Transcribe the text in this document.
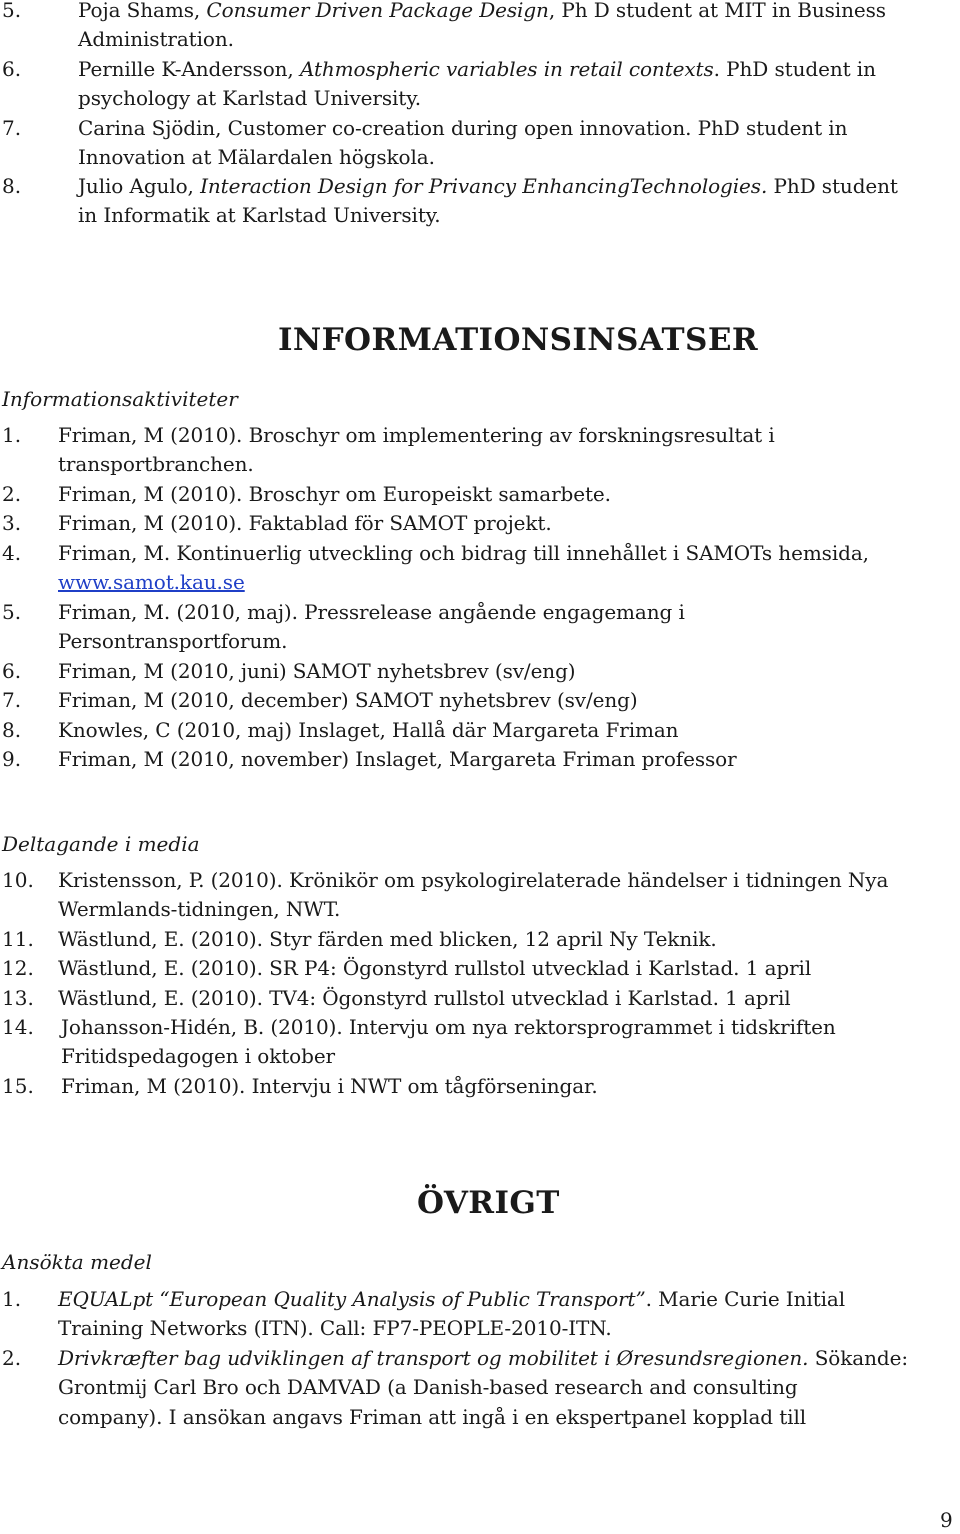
5.	Poja Shams, Consumer Driven Package Design, Ph D student at MIT in Business
Administration.
6.	Pernille K-Andersson, Athmospheric variables in retail contexts. PhD student in
psychology at Karlstad University.
7.	Carina Sjödin, Customer co-creation during open innovation. PhD student in
Innovation at Mälardalen högskola.
8.	Julio Agulo, Interaction Design for Privancy EnhancingTechnologies. PhD student
in Informatik at Karlstad University.
INFORMATIONSINSATSER
Informationsaktiviteter
1. Friman, M (2010). Broschyr om implementering av forskningsresultat i
transportbranchen.
2. Friman, M (2010). Broschyr om Europeiskt samarbete.
3. Friman, M (2010). Faktablad för SAMOT projekt.
4. Friman, M. Kontinuerlig utveckling och bidrag till innehållet i SAMOTs hemsida,
www.samot.kau.se
5. Friman, M. (2010, maj). Pressrelease angående engagemang i
Persontransportforum.
6. Friman, M (2010, juni) SAMOT nyhetsbrev (sv/eng)
7. Friman, M (2010, december) SAMOT nyhetsbrev (sv/eng)
8. Knowles, C (2010, maj) Inslaget, Hallå där Margareta Friman
9. Friman, M (2010, november) Inslaget, Margareta Friman professor
Deltagande i media
10. Kristensson, P. (2010). Krönikör om psykologirelaterade händelser i tidningen Nya
Wermlands-tidningen, NWT.
11. Wästlund, E. (2010). Styr färden med blicken, 12 april Ny Teknik.
12. Wästlund, E. (2010). SR P4: Ögonstyrd rullstol utvecklad i Karlstad. 1 april
13. Wästlund, E. (2010). TV4: Ögonstyrd rullstol utvecklad i Karlstad. 1 april
14. Johansson-Hidén, B. (2010). Intervju om nya rektorsprogrammet i tidskriften
Fritidspedagogen i oktober
15. Friman, M (2010). Intervju i NWT om tågförseningar.
ÖVRIGT
Ansökta medel
1. EQUALpt “European Quality Analysis of Public Transport”. Marie Curie Initial
Training Networks (ITN). Call: FP7-PEOPLE-2010-ITN.
2. Drivkræfter bag udviklingen af transport og mobilitet i Øresundsregionen. Sökande:
Grontmij Carl Bro och DAMVAD (a Danish-based research and consulting
company). I ansökan angavs Friman att ingå i en ekspertpanel kopplad till
9
